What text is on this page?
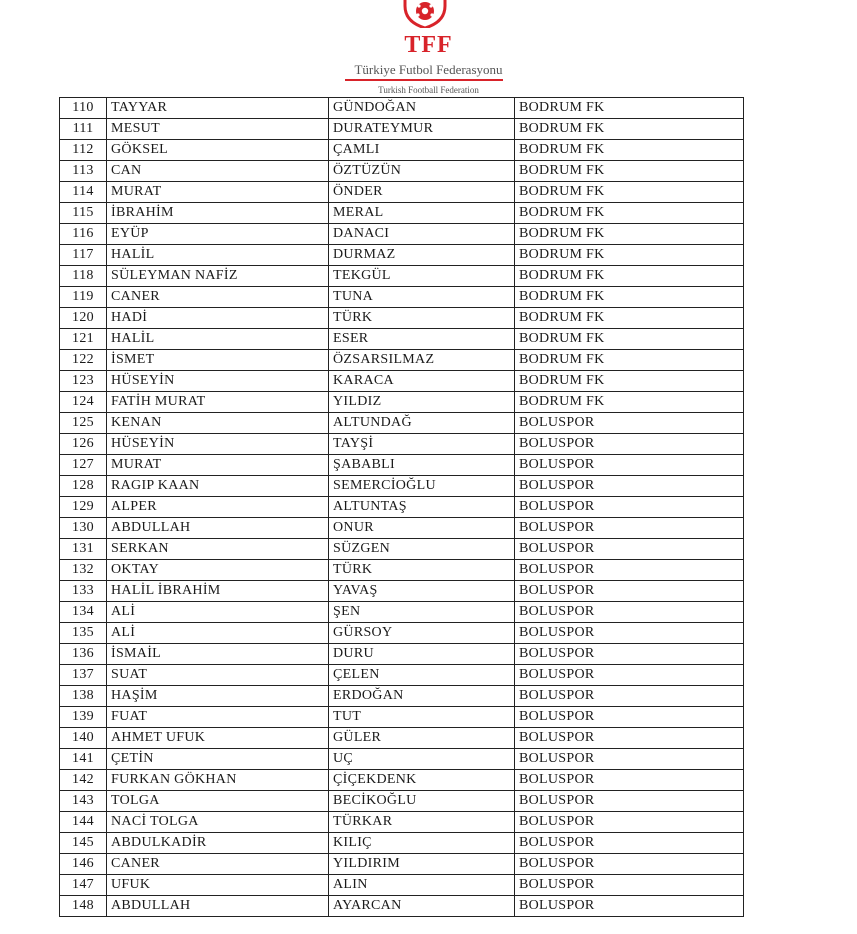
TFF
Türkiye Futbol Federasyonu
Turkish Football Federation
110	TAYYAR	GÜNDOĞAN	BODRUM FK
111	MESUT	DURATEYMUR	BODRUM FK
112	GÖKSEL	ÇAMLI	BODRUM FK
113	CAN	ÖZTÜZÜN	BODRUM FK
114	MURAT	ÖNDER	BODRUM FK
115	İBRAHİM	MERAL	BODRUM FK
116	EYÜP	DANACI	BODRUM FK
117	HALİL	DURMAZ	BODRUM FK
118	SÜLEYMAN NAFİZ	TEKGÜL	BODRUM FK
119	CANER	TUNA	BODRUM FK
120	HADİ	TÜRK	BODRUM FK
121	HALİL	ESER	BODRUM FK
122	İSMET	ÖZSARSILMAZ	BODRUM FK
123	HÜSEYİN	KARACA	BODRUM FK
124	FATİH MURAT	YILDIZ	BODRUM FK
125	KENAN	ALTUNDAĞ	BOLUSPOR
126	HÜSEYİN	TAYŞİ	BOLUSPOR
127	MURAT	ŞABABLI	BOLUSPOR
128	RAGIP KAAN	SEMERCİOĞLU	BOLUSPOR
129	ALPER	ALTUNTAŞ	BOLUSPOR
130	ABDULLAH	ONUR	BOLUSPOR
131	SERKAN	SÜZGEN	BOLUSPOR
132	OKTAY	TÜRK	BOLUSPOR
133	HALİL İBRAHİM	YAVAŞ	BOLUSPOR
134	ALİ	ŞEN	BOLUSPOR
135	ALİ	GÜRSOY	BOLUSPOR
136	İSMAİL	DURU	BOLUSPOR
137	SUAT	ÇELEN	BOLUSPOR
138	HAŞİM	ERDOĞAN	BOLUSPOR
139	FUAT	TUT	BOLUSPOR
140	AHMET UFUK	GÜLER	BOLUSPOR
141	ÇETİN	UÇ	BOLUSPOR
142	FURKAN GÖKHAN	ÇİÇEKDENK	BOLUSPOR
143	TOLGA	BECİKOĞLU	BOLUSPOR
144	NACİ TOLGA	TÜRKAR	BOLUSPOR
145	ABDULKADİR	KILIÇ	BOLUSPOR
146	CANER	YILDIRIM	BOLUSPOR
147	UFUK	ALIN	BOLUSPOR
148	ABDULLAH	AYARCAN	BOLUSPOR
